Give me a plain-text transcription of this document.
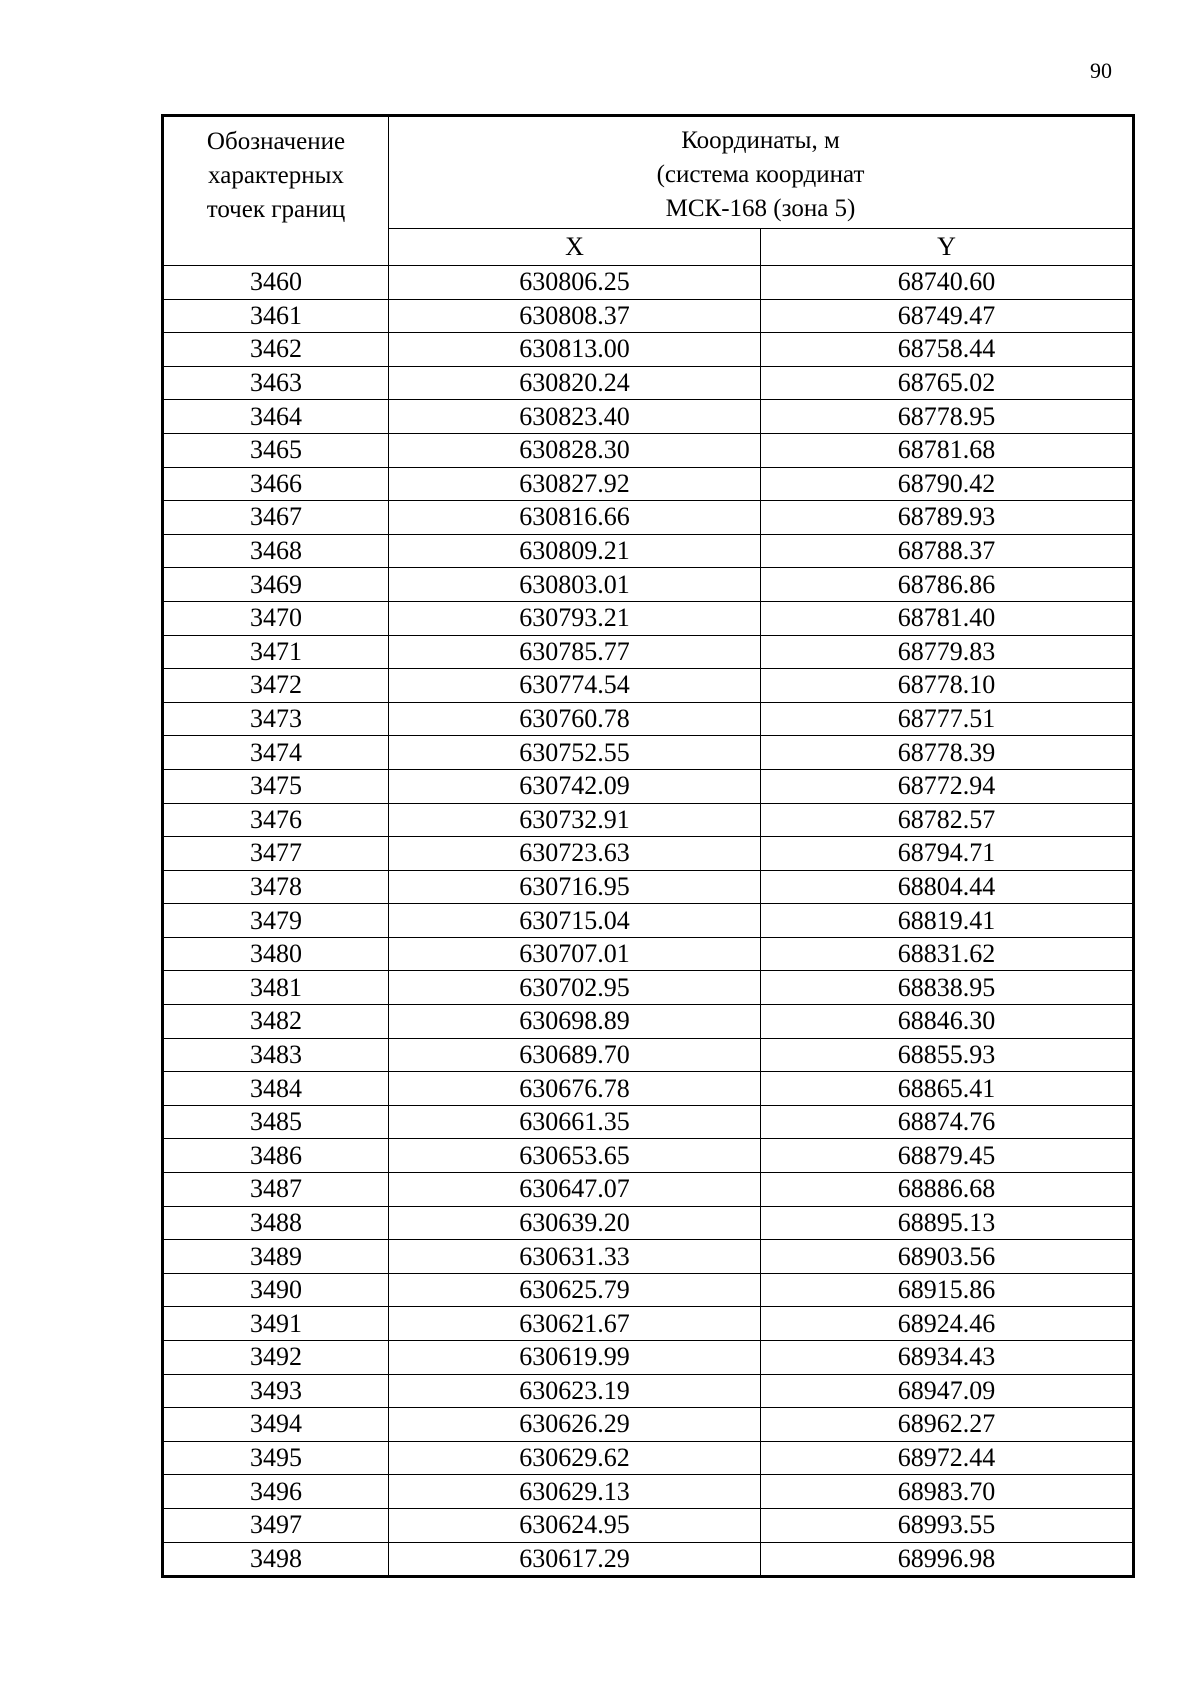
90
Обозначение
характерных
точек границ	Координаты, м
(система координат
МСК-168 (зона 5)	

	X	Y
3460	630806.25	68740.60
3461	630808.37	68749.47
3462	630813.00	68758.44
3463	630820.24	68765.02
3464	630823.40	68778.95
3465	630828.30	68781.68
3466	630827.92	68790.42
3467	630816.66	68789.93
3468	630809.21	68788.37
3469	630803.01	68786.86
3470	630793.21	68781.40
3471	630785.77	68779.83
3472	630774.54	68778.10
3473	630760.78	68777.51
3474	630752.55	68778.39
3475	630742.09	68772.94
3476	630732.91	68782.57
3477	630723.63	68794.71
3478	630716.95	68804.44
3479	630715.04	68819.41
3480	630707.01	68831.62
3481	630702.95	68838.95
3482	630698.89	68846.30
3483	630689.70	68855.93
3484	630676.78	68865.41
3485	630661.35	68874.76
3486	630653.65	68879.45
3487	630647.07	68886.68
3488	630639.20	68895.13
3489	630631.33	68903.56
3490	630625.79	68915.86
3491	630621.67	68924.46
3492	630619.99	68934.43
3493	630623.19	68947.09
3494	630626.29	68962.27
3495	630629.62	68972.44
3496	630629.13	68983.70
3497	630624.95	68993.55
3498	630617.29	68996.98
